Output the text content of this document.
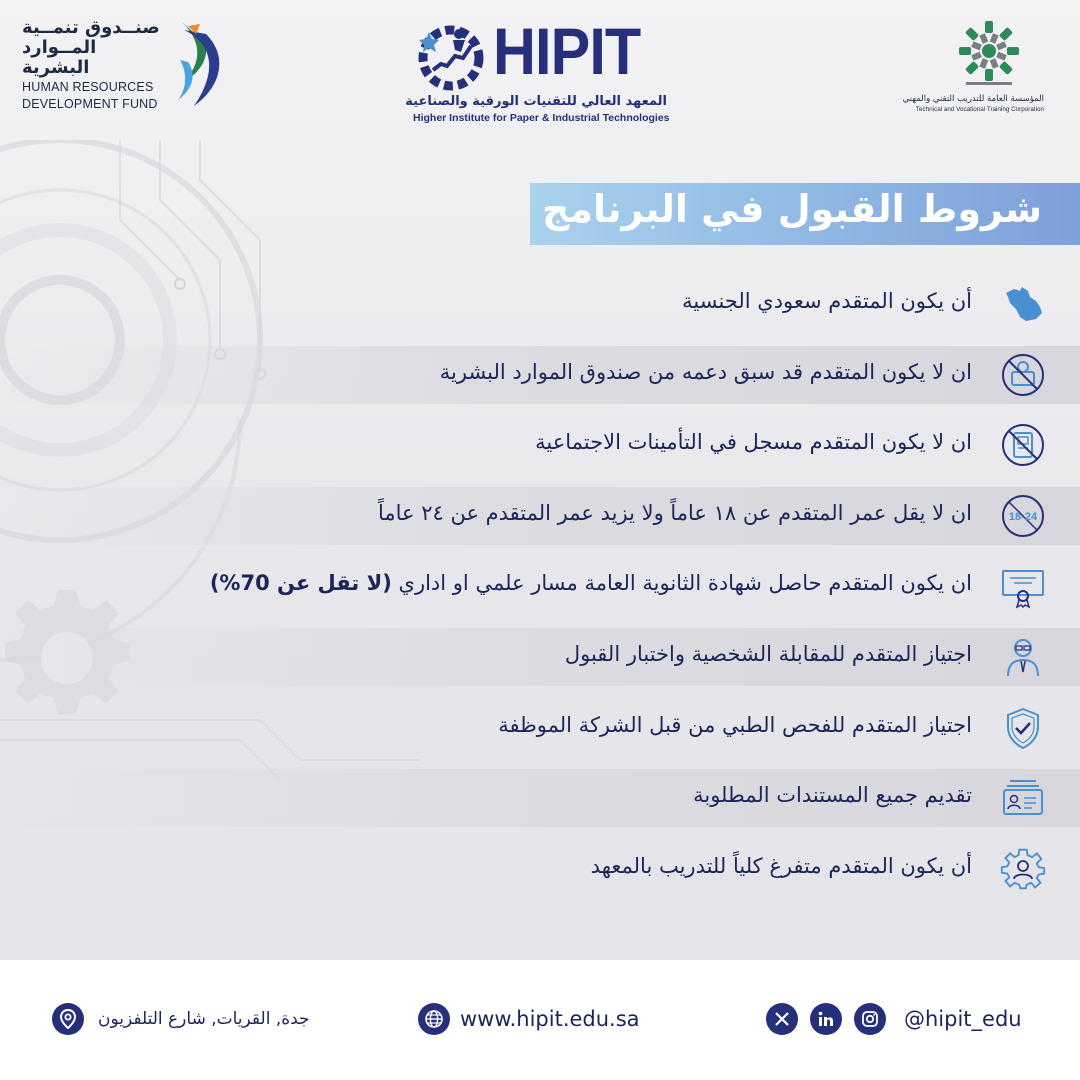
صنــدوق تنمــية
المــوارد البشرية
HUMAN RESOURCES
DEVELOPMENT FUND
HIPIT
المعهد العالي للتقنيات الورقية والصناعية
Higher Institute for Paper & Industrial Technologies
المؤسسة العامة للتدريب التقني والمهني
Technical and Vocational Training Corporation
شروط القبول في البرنامج
أن يكون المتقدم سعودي الجنسية
ان لا يكون المتقدم قد سبق دعمه من صندوق الموارد البشرية
ان لا يكون المتقدم مسجل في التأمينات الاجتماعية
18-24
ان لا يقل عمر المتقدم عن ١٨ عاماً ولا يزيد عمر المتقدم عن ٢٤ عاماً
ان يكون المتقدم حاصل شهادة الثانوية العامة مسار علمي او اداري (لا تقل عن 70%)
اجتياز المتقدم للمقابلة الشخصية واختبار القبول
اجتياز المتقدم للفحص الطبي من قبل الشركة الموظفة
تقديم جميع المستندات المطلوبة
أن يكون المتقدم متفرغ كلياً للتدريب بالمعهد
جدة, القريات, شارع التلفزيون	www.hipit.edu.sa	@hipit_edu
